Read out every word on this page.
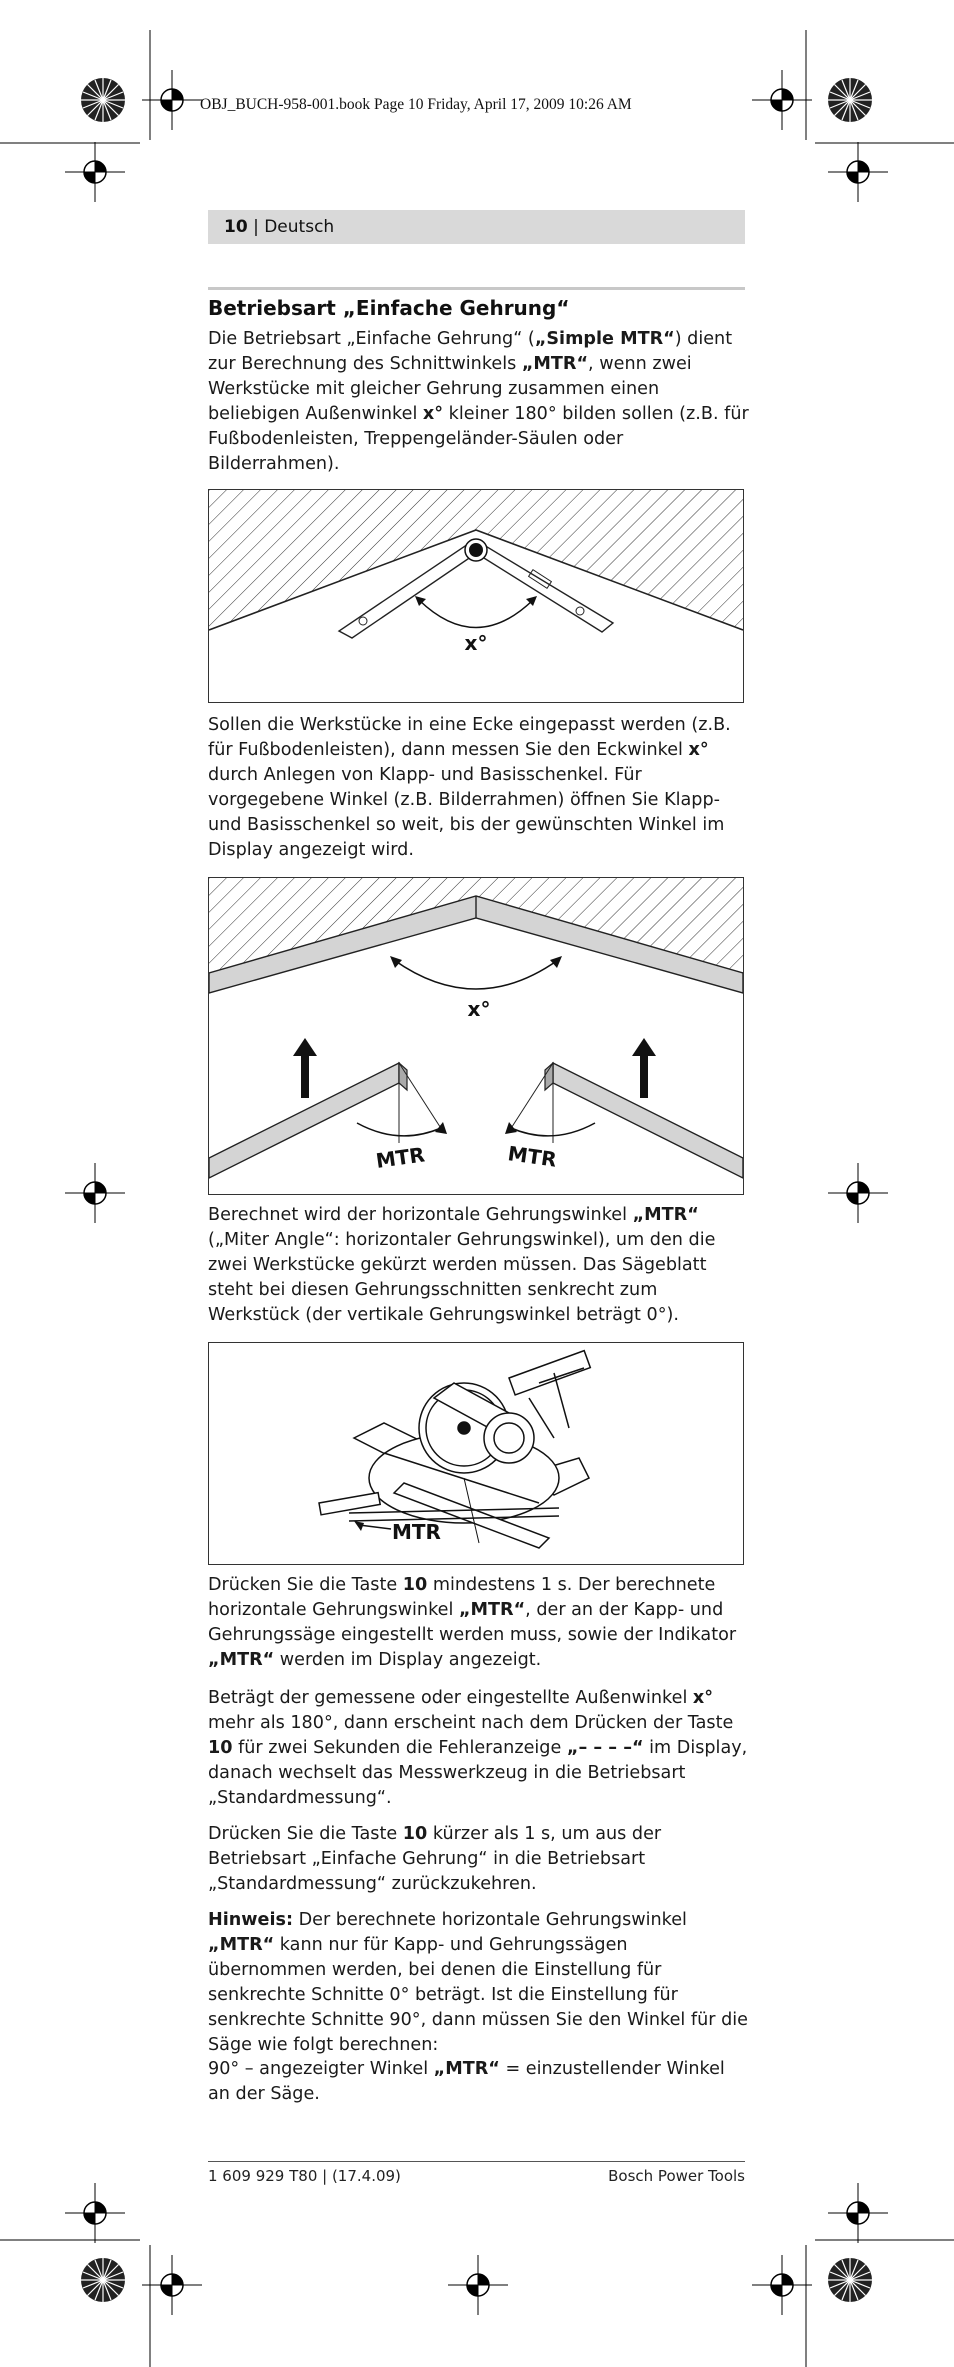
OBJ_BUCH-958-001.book Page 10 Friday, April 17, 2009 10:26 AM
10 | Deutsch
Betriebsart „Einfache Gehrung“
Die Betriebsart „Einfache Gehrung“ („Simple MTR“) dient zur Berechnung des Schnittwinkels „MTR“, wenn zwei Werkstücke mit gleicher Gehrung zusammen einen beliebigen Außenwinkel x° kleiner 180° bilden sollen (z.B. für Fußbodenleisten, Treppengeländer-Säulen oder Bilderrahmen).
x°
Sollen die Werkstücke in eine Ecke eingepasst werden (z.B. für Fußbodenleisten), dann messen Sie den Eckwinkel x° durch Anlegen von Klapp- und Basisschenkel. Für vorgegebene Winkel (z.B. Bilderrahmen) öffnen Sie Klapp- und Basisschenkel so weit, bis der gewünschten Winkel im Display angezeigt wird.
x°
MTR	MTR
Berechnet wird der horizontale Gehrungswinkel „MTR“ („Miter Angle“: horizontaler Gehrungswinkel), um den die zwei Werkstücke gekürzt werden müssen. Das Sägeblatt steht bei diesen Gehrungsschnitten senkrecht zum Werkstück (der vertikale Gehrungswinkel beträgt 0°).
MTR
Drücken Sie die Taste 10 mindestens 1 s. Der berechnete horizontale Gehrungswinkel „MTR“, der an der Kapp- und Gehrungssäge eingestellt werden muss, sowie der Indikator „MTR“ werden im Display angezeigt.
Beträgt der gemessene oder eingestellte Außenwinkel x° mehr als 180°, dann erscheint nach dem Drücken der Taste 10 für zwei Sekunden die Fehleranzeige „– – – –“ im Display, danach wechselt das Messwerkzeug in die Betriebsart „Standardmessung“.
Drücken Sie die Taste 10 kürzer als 1 s, um aus der Betriebsart „Einfache Gehrung“ in die Betriebsart „Standardmessung“ zurückzukehren.
Hinweis: Der berechnete horizontale Gehrungswinkel „MTR“ kann nur für Kapp- und Gehrungssägen übernommen werden, bei denen die Einstellung für senkrechte Schnitte 0° beträgt. Ist die Einstellung für senkrechte Schnitte 90°, dann müssen Sie den Winkel für die Säge wie folgt berechnen:
90° – angezeigter Winkel „MTR“ = einzustellender Winkel an der Säge.
1 609 929 T80 | (17.4.09)	Bosch Power Tools
